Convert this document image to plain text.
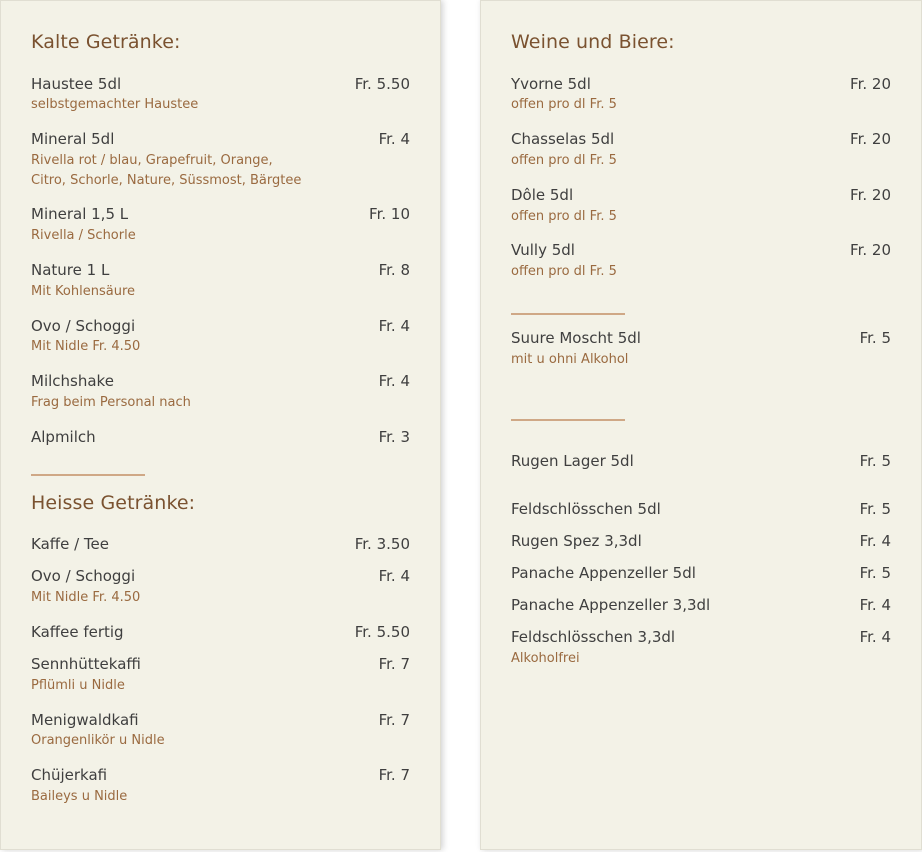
Kalte Getränke:
Haustee 5dl	Fr. 5.50
selbstgemachter Haustee
Mineral 5dl	Fr. 4
Rivella rot / blau, Grapefruit, Orange, Citro, Schorle, Nature, Süssmost, Bärgtee
Mineral 1,5 L	Fr. 10
Rivella / Schorle
Nature 1 L	Fr. 8
Mit Kohlensäure
Ovo / Schoggi	Fr. 4
Mit Nidle Fr. 4.50
Milchshake	Fr. 4
Frag beim Personal nach
Alpmilch	Fr. 3
Heisse Getränke:
Kaffe / Tee	Fr. 3.50
Ovo / Schoggi	Fr. 4
Mit Nidle Fr. 4.50
Kaffee fertig	Fr. 5.50
Sennhüttekaffi	Fr. 7
Pflümli u Nidle
Menigwaldkafi	Fr. 7
Orangenlikör u Nidle
Chüjerkafi	Fr. 7
Baileys u Nidle
Weine und Biere:
Yvorne 5dl	Fr. 20
offen pro dl Fr. 5
Chasselas 5dl	Fr. 20
offen pro dl Fr. 5
Dôle 5dl	Fr. 20
offen pro dl Fr. 5
Vully 5dl	Fr. 20
offen pro dl Fr. 5
Suure Moscht 5dl	Fr. 5
mit u ohni Alkohol
Rugen Lager 5dl	Fr. 5
Feldschlösschen 5dl	Fr. 5
Rugen Spez 3,3dl	Fr. 4
Panache Appenzeller 5dl	Fr. 5
Panache Appenzeller 3,3dl	Fr. 4
Feldschlösschen 3,3dl	Fr. 4
Alkoholfrei
